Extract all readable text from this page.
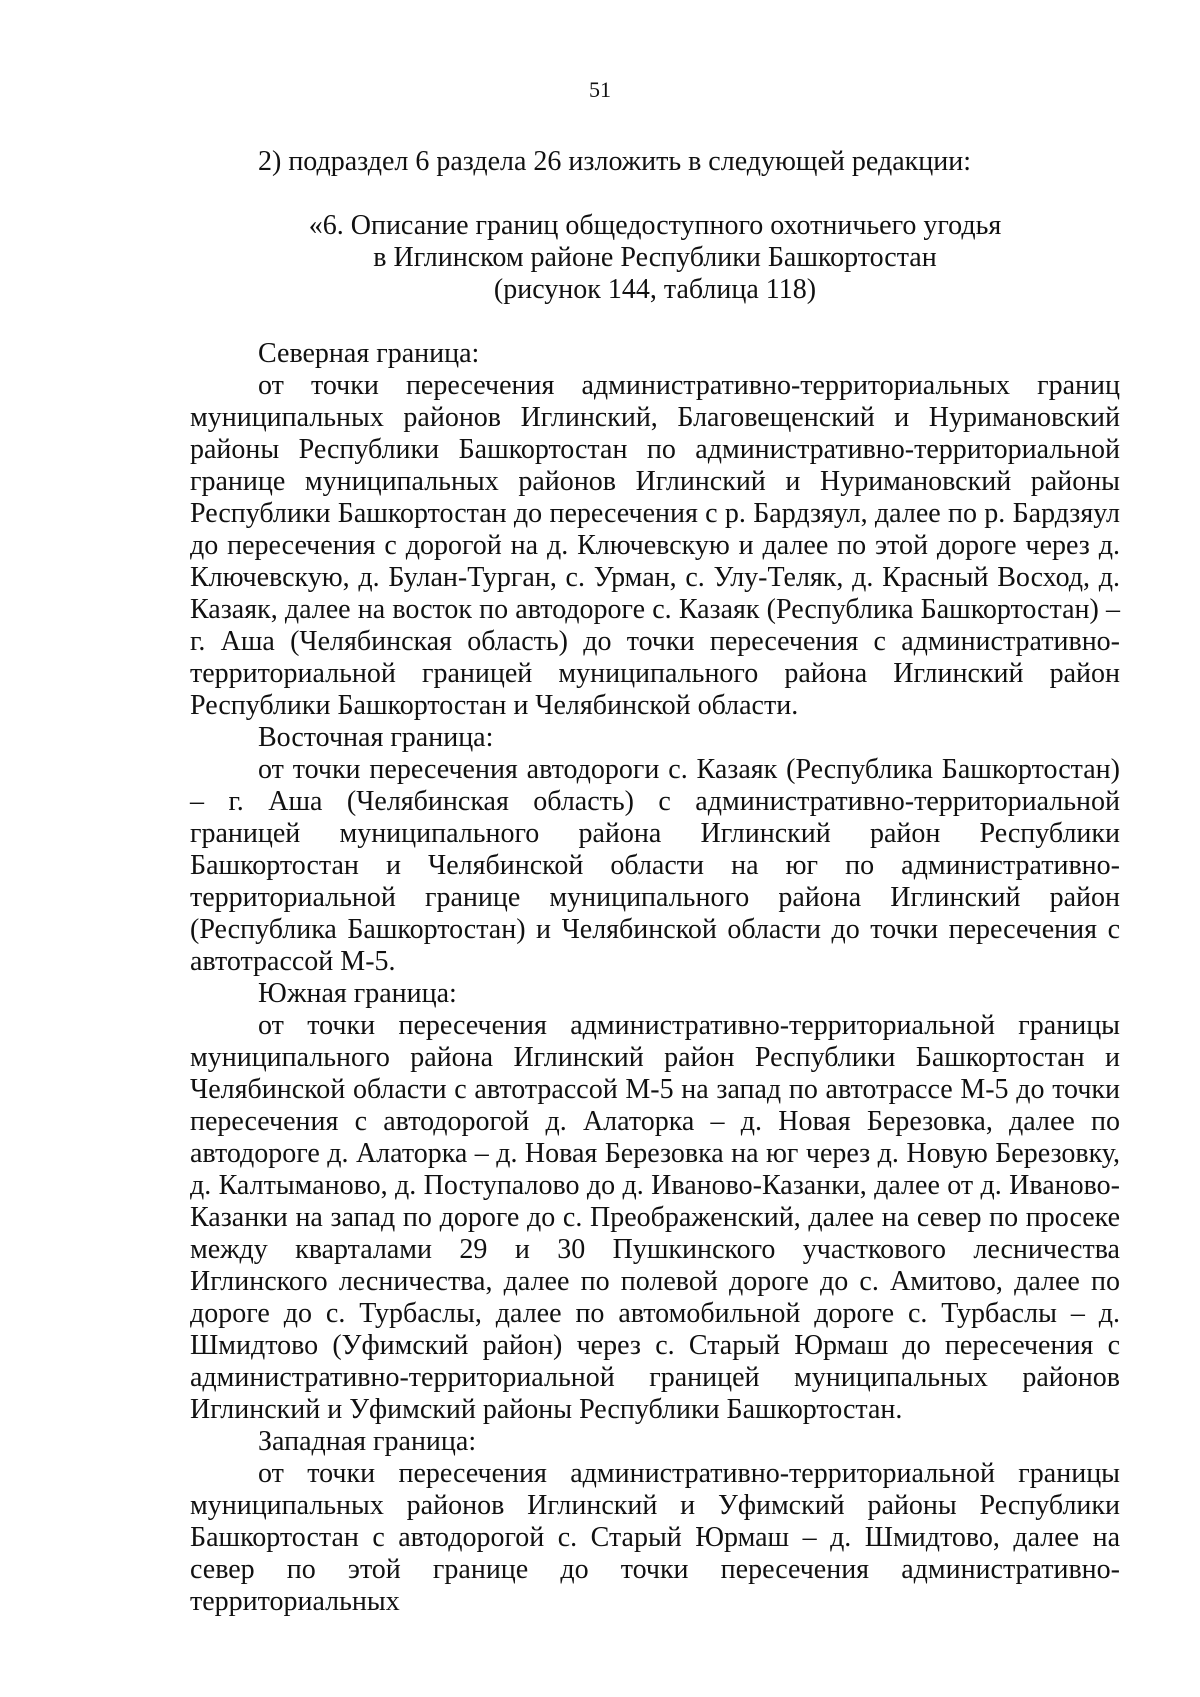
51

2) подраздел 6 раздела 26 изложить в следующей редакции:

«6. Описание границ общедоступного охотничьего угодья
в Иглинском районе Республики Башкортостан
(рисунок 144, таблица 118)

Северная граница:

от точки пересечения административно-территориальных границ муниципальных районов Иглинский, Благовещенский и Нуримановский районы Республики Башкортостан по административно-территориальной границе муниципальных районов Иглинский и Нуримановский районы Республики Башкортостан до пересечения с р. Бардзяул, далее по р. Бардзяул до пересечения с дорогой на д. Ключевскую и далее по этой дороге через д. Ключевскую, д. Булан-Турган, с. Урман, с. Улу-Теляк, д. Красный Восход, д. Казаяк, далее на восток по автодороге с. Казаяк (Республика Башкортостан) – г. Аша (Челябинская область) до точки пересечения с административно-территориальной границей муниципального района Иглинский район Республики Башкортостан и Челябинской области.

Восточная граница:

от точки пересечения автодороги с. Казаяк (Республика Башкортостан) – г. Аша (Челябинская область) с административно-территориальной границей муниципального района Иглинский район Республики Башкортостан и Челябинской области на юг по административно-территориальной границе муниципального района Иглинский район (Республика Башкортостан) и Челябинской области до точки пересечения с автотрассой М-5.

Южная граница:

от точки пересечения административно-территориальной границы муниципального района Иглинский район Республики Башкортостан и Челябинской области с автотрассой М-5 на запад по автотрассе М-5 до точки пересечения с автодорогой д. Алаторка – д. Новая Березовка, далее по автодороге д. Алаторка – д. Новая Березовка на юг через д. Новую Березовку, д. Калтыманово, д. Поступалово до д. Иваново-Казанки, далее от д. Иваново-Казанки на запад по дороге до с. Преображенский, далее на север по просеке между кварталами 29 и 30 Пушкинского участкового лесничества Иглинского лесничества, далее по полевой дороге до с. Амитово, далее по дороге до с. Турбаслы, далее по автомобильной дороге с. Турбаслы – д. Шмидтово (Уфимский район) через с. Старый Юрмаш до пересечения с административно-территориальной границей муниципальных районов Иглинский и Уфимский районы Республики Башкортостан.

Западная граница:

от точки пересечения административно-территориальной границы муниципальных районов Иглинский и Уфимский районы Республики Башкортостан с автодорогой с. Старый Юрмаш – д. Шмидтово, далее на север по этой границе до точки пересечения административно-территориальных
